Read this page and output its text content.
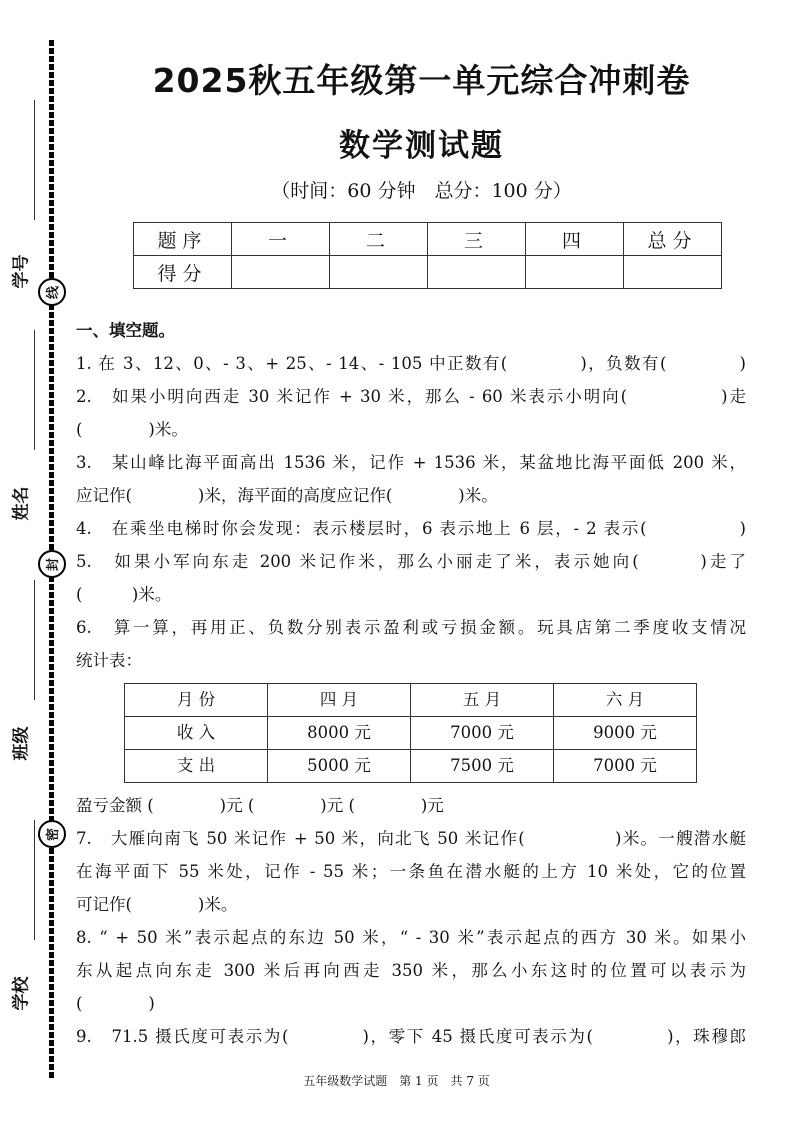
学号
线
姓名
封
班级
密
学校
2025秋五年级第一单元综合冲刺卷
数学测试题
（时间：60 分钟　总分：100 分）
题序	一	二	三	四	总分
得分					

一、填空题。

1. 在 3、12、0、- 3、+ 25、- 14、- 105 中正数有(　　　　)，负数有(　　　　)

2.　如果小明向西走 30 米记作 + 30 米，那么 - 60 米表示小明向(　　　　　)走

(　　　　)米。

3.　某山峰比海平面高出 1536 米，记作 + 1536 米，某盆地比海平面低 200 米，

应记作(　　　　)米，海平面的高度应记作(　　　　)米。

4.　在乘坐电梯时你会发现：表示楼层时，6 表示地上 6 层，- 2 表示(　　　　　)

5.　如果小军向东走 200 米记作米，那么小丽走了米，表示她向(　　　)走了

(　　　)米。

6.　算一算，再用正、负数分别表示盈利或亏损金额。玩具店第二季度收支情况

统计表：

月 份	四 月	五 月	六 月
收 入	8000 元	7000 元	9000 元
支 出	5000 元	7500 元	7000 元

盈亏金额 (　　　　)元 (　　　　)元 (　　　　)元

7.　大雁向南飞 50 米记作 + 50 米，向北飞 50 米记作(　　　　　)米。一艘潜水艇

在海平面下 55 米处，记作 - 55 米；一条鱼在潜水艇的上方 10 米处，它的位置

可记作(　　　　)米。

8. “ + 50 米”表示起点的东边 50 米，“ - 30 米”表示起点的西方 30 米。如果小

东从起点向东走 300 米后再向西走 350 米，那么小东这时的位置可以表示为

(　　　　)

9.　71.5 摄氏度可表示为(　　　　)，零下 45 摄氏度可表示为(　　　　)，珠穆郎

五年级数学试题　第 1 页　共 7 页
